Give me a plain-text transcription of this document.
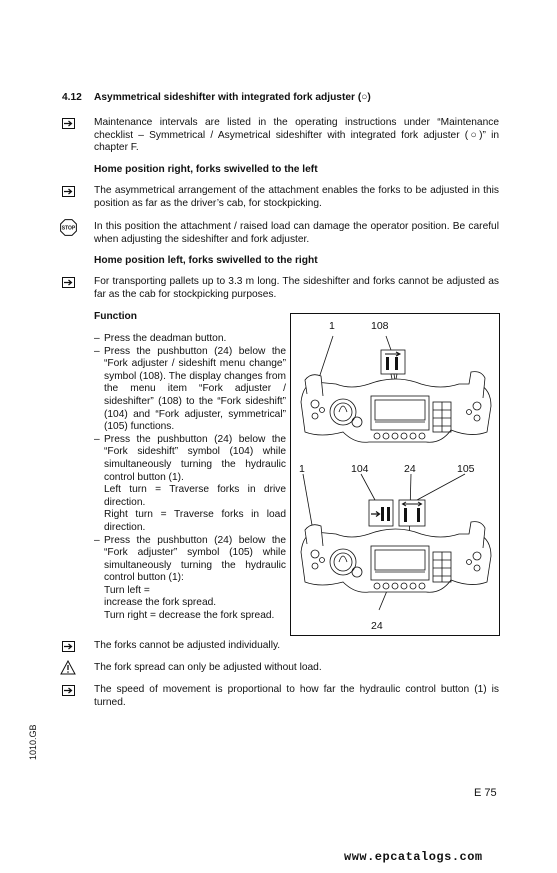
4.12 Asymmetrical sideshifter with integrated fork adjuster (○)
Maintenance intervals are listed in the operating instructions under “Maintenance checklist – Symmetrical / Asymetrical sideshifter with integrated fork adjuster (○)” in chapter F.
Home position right, forks swivelled to the left
The asymmetrical arrangement of the attachment enables the forks to be adjusted in this position as far as the driver’s cab, for stockpicking.
STOP In this position the attachment / raised load can damage the operator position. Be careful when adjusting the sideshifter and fork adjuster.
Home position left, forks swivelled to the right
For transporting pallets up to 3.3 m long. The sideshifter and forks cannot be adjusted as far as the cab for stockpicking purposes.
Function
– Press the deadman button.
– Press the pushbutton (24) below the “Fork adjuster / sideshift menu change” symbol (108). The display changes from the menu item “Fork adjuster / sideshifter” (108) to the “Fork sideshift” (104) and “Fork adjuster, symmetrical” (105) functions.
– Press the pushbutton (24) below the “Fork sideshift” symbol (104) while simultaneously turning the hydraulic control button (1).
Left turn = Traverse forks in drive direction.
Right turn = Traverse forks in load direction.
– Press the pushbutton (24) below the “Fork adjuster” symbol (105) while simultaneously turning the hydraulic control button (1):
Turn left =
increase the fork spread.
Turn right = decrease the fork spread.
1	108
1	104	24	105
24
The forks cannot be adjusted individually.
The fork spread can only be adjusted without load.
The speed of movement is proportional to how far the hydraulic control button (1) is turned.
1010.GB
E 75
www.epcatalogs.com
